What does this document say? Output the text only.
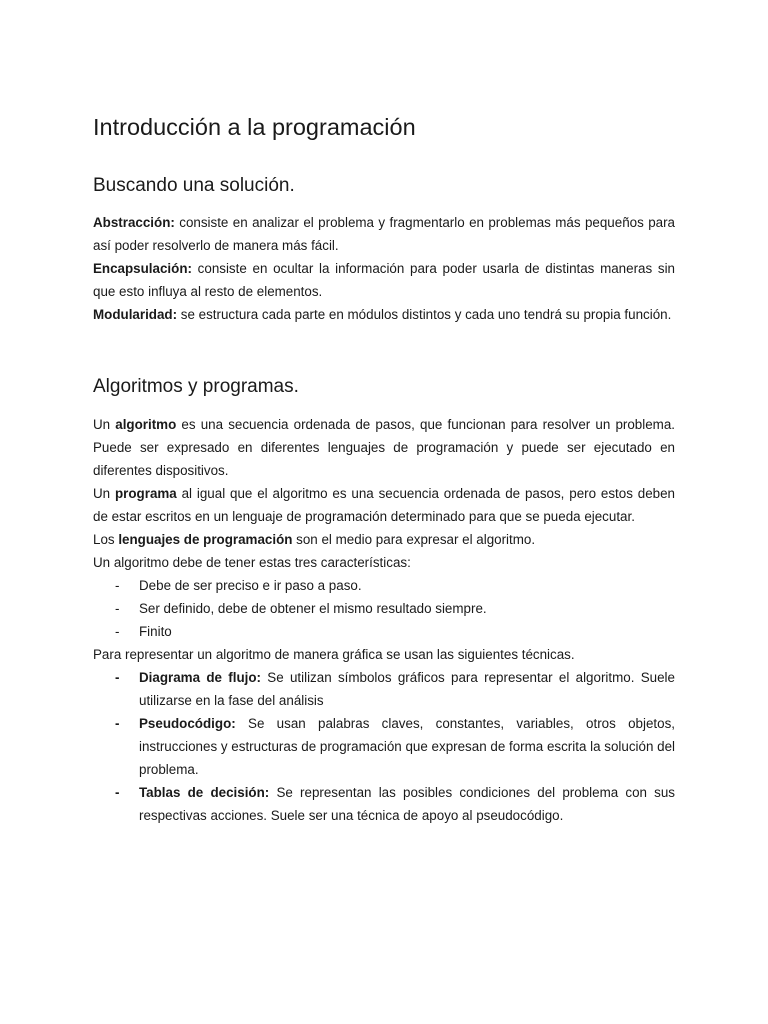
Introducción a la programación
Buscando una solución.

Abstracción: consiste en analizar el problema y fragmentarlo en problemas más pequeños para así poder resolverlo de manera más fácil.

Encapsulación: consiste en ocultar la información para poder usarla de distintas maneras sin que esto influya al resto de elementos.

Modularidad: se estructura cada parte en módulos distintos y cada uno tendrá su propia función.

Algoritmos y programas.

Un algoritmo es una secuencia ordenada de pasos, que funcionan para resolver un problema. Puede ser expresado en diferentes lenguajes de programación y puede ser ejecutado en diferentes dispositivos.

Un programa al igual que el algoritmo es una secuencia ordenada de pasos, pero estos deben de estar escritos en un lenguaje de programación determinado para que se pueda ejecutar.

Los lenguajes de programación son el medio para expresar el algoritmo.

Un algoritmo debe de tener estas tres características:

-	Debe de ser preciso e ir paso a paso.
-	Ser definido, debe de obtener el mismo resultado siempre.
-	Finito

Para representar un algoritmo de manera gráfica se usan las siguientes técnicas.

-	Diagrama de flujo: Se utilizan símbolos gráficos para representar el algoritmo. Suele utilizarse en la fase del análisis
-	Pseudocódigo: Se usan palabras claves, constantes, variables, otros objetos, instrucciones y estructuras de programación que expresan de forma escrita la solución del problema.
-	Tablas de decisión: Se representan las posibles condiciones del problema con sus respectivas acciones. Suele ser una técnica de apoyo al pseudocódigo.
